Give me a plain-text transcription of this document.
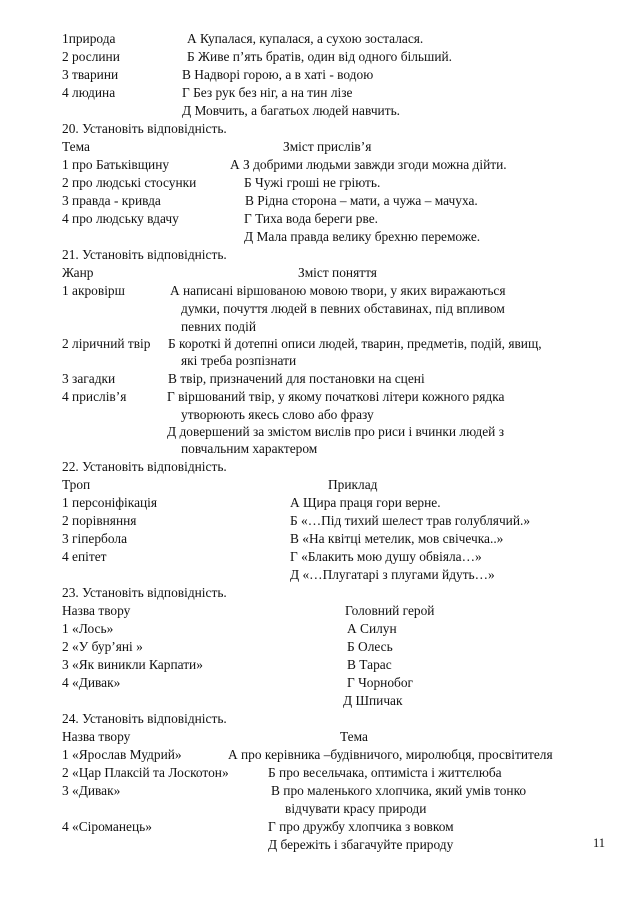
1природа	А Купалася, купалася, а сухою зосталася.
2 рослини	Б Живе п’ять братів, один від одного більший.
3 тварини	В Надворі горою, а в хаті - водою
4 людина	Г Без рук без ніг, а на тин лізе
Д Мовчить, а багатьох людей навчить.
20. Установіть відповідність.
Тема	Зміст прислів’я
1 про Батьківщину	А З добрими людьми завжди згоди можна дійти.
2 про людські стосунки	Б Чужі гроші не гріють.
3 правда - кривда	В Рідна сторона – мати, а чужа – мачуха.
4 про людську вдачу	Г Тиха вода береги рве.
Д Мала правда велику брехню переможе.
21. Установіть відповідність.
Жанр	Зміст поняття
1 акровірш	А написані віршованою мовою твори, у яких виражаються
думки, почуття людей в певних обставинах, під впливом
певних подій
2 ліричний твір Б короткі й дотепні описи людей, тварин, предметів, подій, явищ,
які треба розпізнати
3 загадки	В твір, призначений для постановки на сцені
4 прислів’я	Г віршований твір, у якому початкові літери кожного рядка
утворюють якесь слово або фразу
Д довершений за змістом вислів про риси і вчинки людей з
повчальним характером
22. Установіть відповідність.
Троп	Приклад
1 персоніфікація	А Щира праця гори верне.
2 порівняння	Б «…Під тихий шелест трав голублячий.»
3 гіпербола	В «На квітці метелик, мов свічечка..»
4 епітет	Г «Блакить мою душу обвіяла…»
Д «…Плугатарі з плугами йдуть…»
23. Установіть відповідність.
Назва твору	Головний герой
1 «Лось»	А Силун
2 «У бур’яні »	Б Олесь
3 «Як виникли Карпати»	В Тарас
4 «Дивак»	Г Чорнобог
Д Шпичак
24. Установіть відповідність.
Назва твору	Тема
1 «Ярослав Мудрий»	А про керівника –будівничого, миролюбця, просвітителя
2 «Цар Плаксій та Лоскотон»	Б про весельчака, оптиміста і життєлюба
3 «Дивак»	В про маленького хлопчика, який умів тонко
відчувати красу природи
4 «Сіроманець»	Г про дружбу хлопчика з вовком
Д бережіть і збагачуйте природу	11
